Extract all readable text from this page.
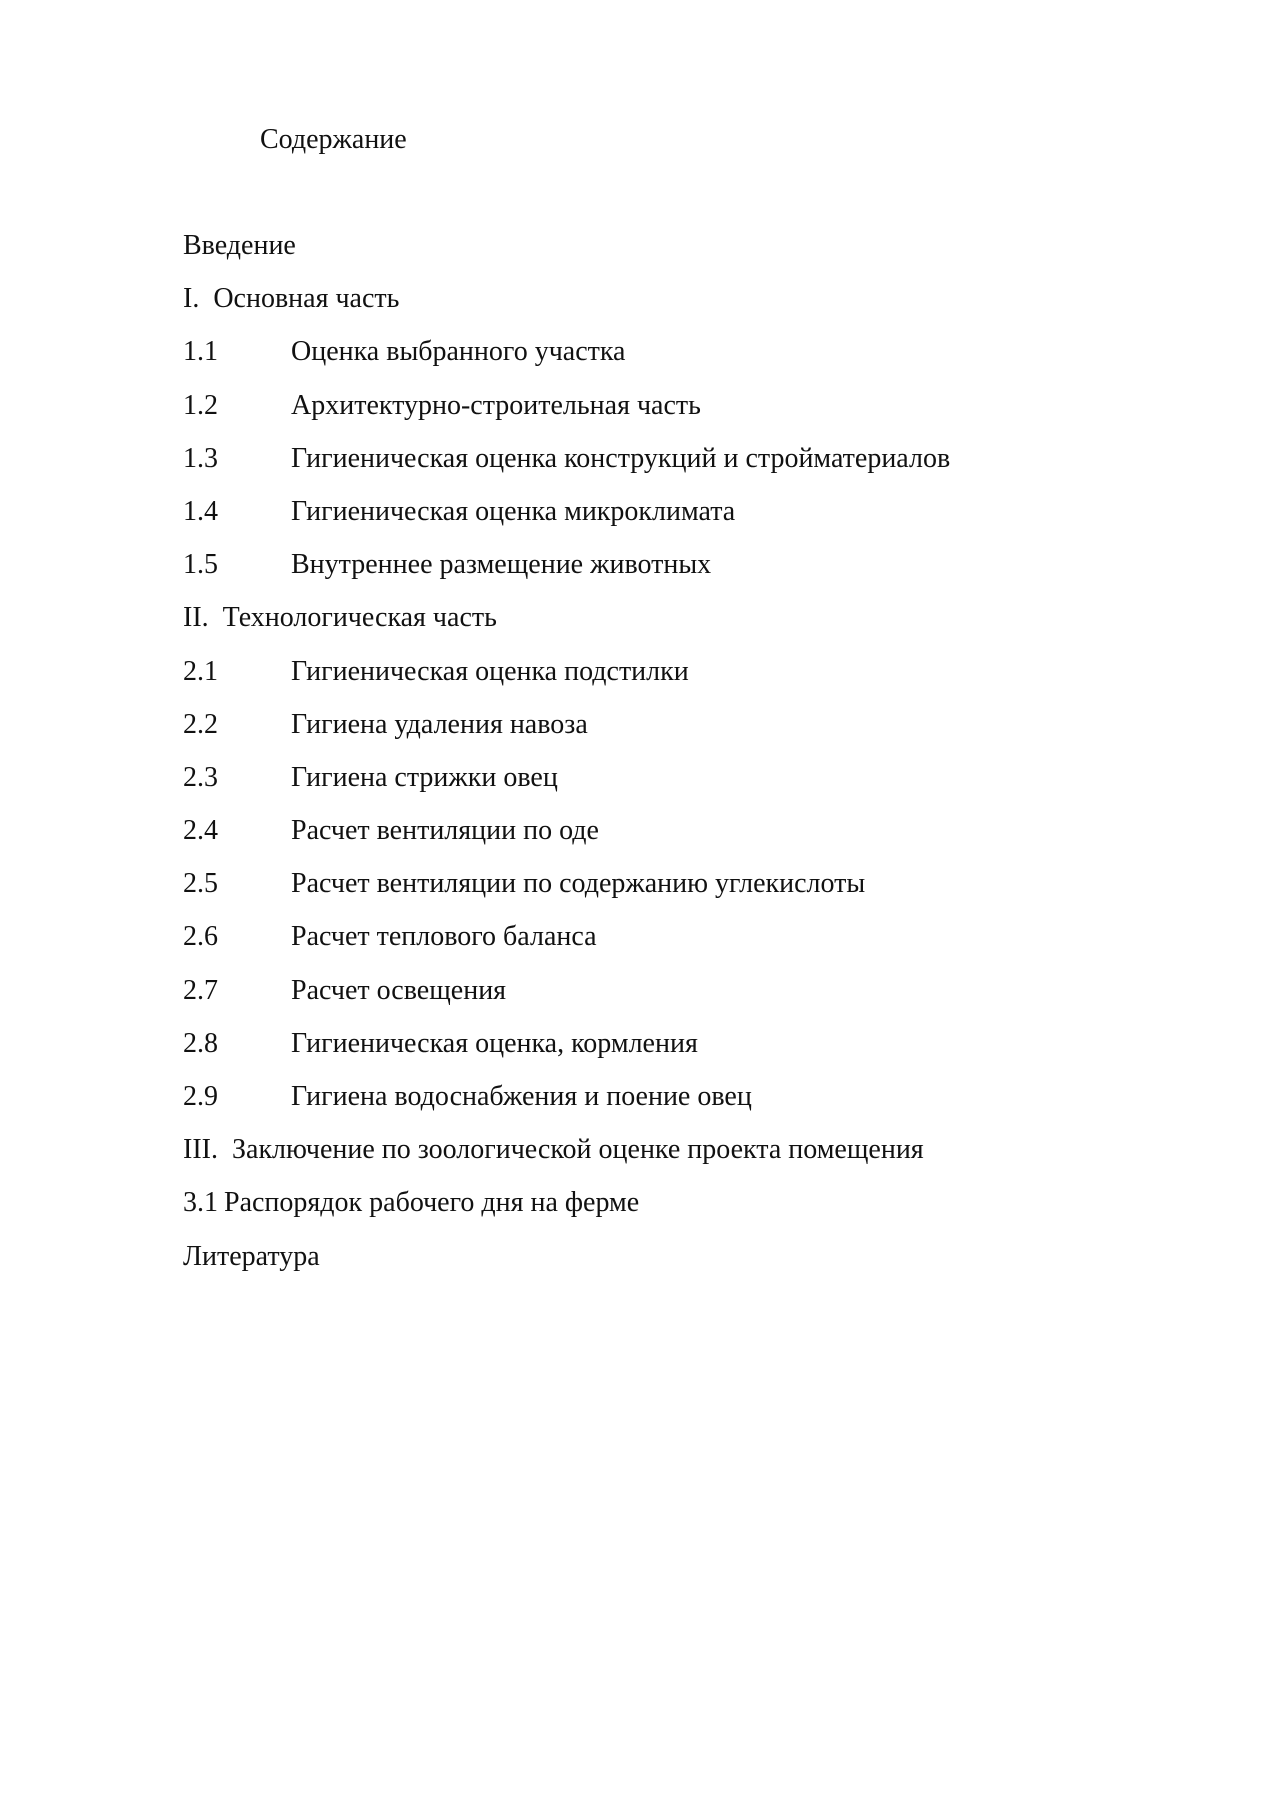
Содержание
Введение
I. Основная часть
1.1	Оценка выбранного участка
1.2	Архитектурно-строительная часть
1.3	Гигиеническая оценка конструкций и стройматериалов
1.4	Гигиеническая оценка микроклимата
1.5	Внутреннее размещение животных
II. Технологическая часть
2.1	Гигиеническая оценка подстилки
2.2	Гигиена удаления навоза
2.3	Гигиена стрижки овец
2.4	Расчет вентиляции по оде
2.5	Расчет вентиляции по содержанию углекислоты
2.6	Расчет теплового баланса
2.7	Расчет освещения
2.8	Гигиеническая оценка, кормления
2.9	Гигиена водоснабжения и поение овец
III. Заключение по зоологической оценке проекта помещения
3.1 Распорядок рабочего дня на ферме
Литература
